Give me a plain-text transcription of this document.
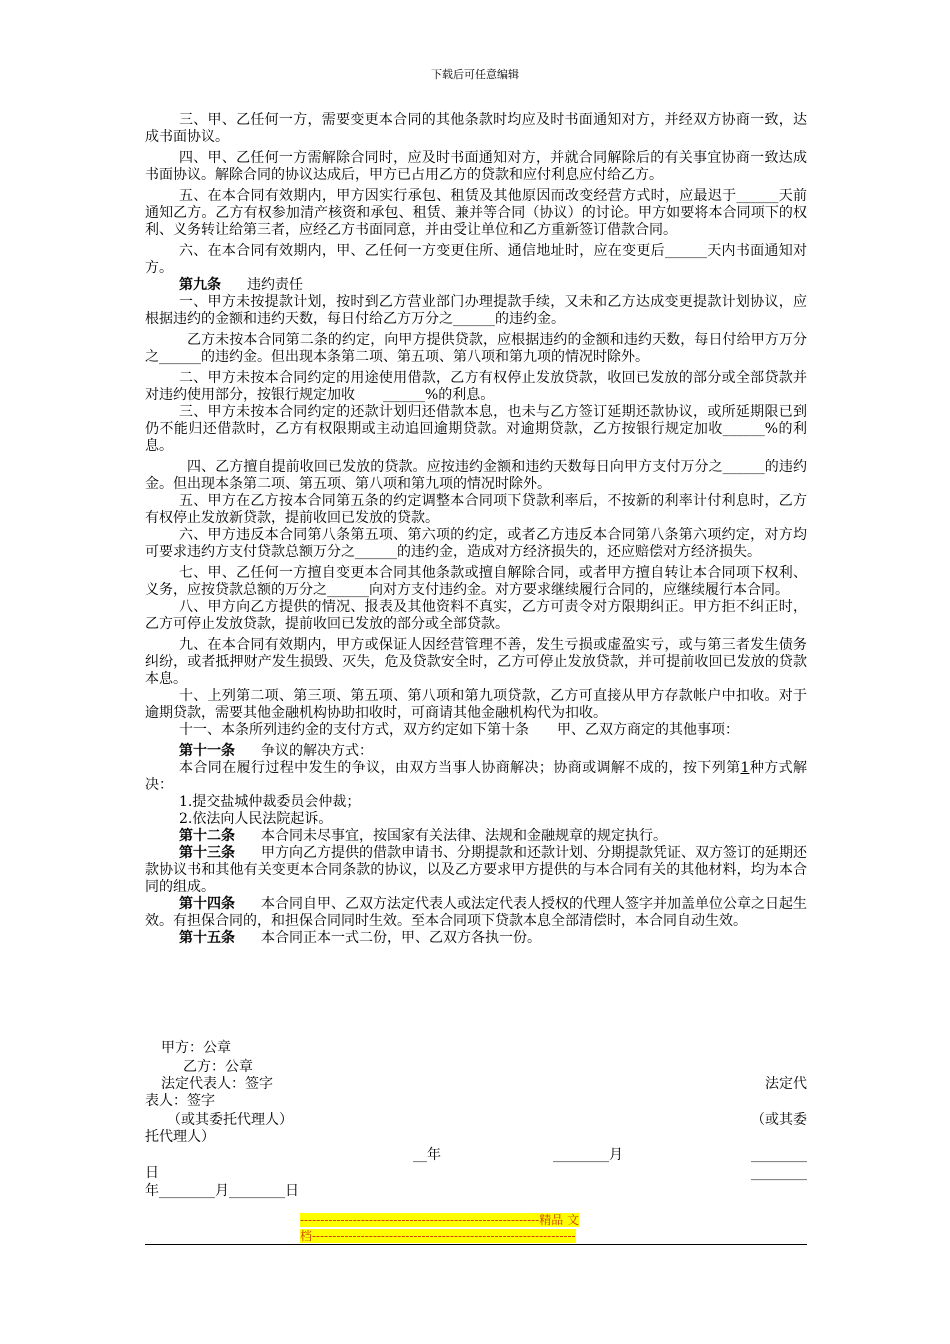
下载后可任意编辑

三、甲、乙任何一方，需要变更本合同的其他条款时均应及时书面通知对方，并经双方协商一致，达成书面协议。

四、甲、乙任何一方需解除合同时，应及时书面通知对方，并就合同解除后的有关事宜协商一致达成书面协议。解除合同的协议达成后，甲方已占用乙方的贷款和应付利息应付给乙方。

五、在本合同有效期内，甲方因实行承包、租赁及其他原因而改变经营方式时，应最迟于______天前通知乙方。乙方有权参加清产核资和承包、租赁、兼并等合同（协议）的讨论。甲方如要将本合同项下的权利、义务转让给第三者，应经乙方书面同意，并由受让单位和乙方重新签订借款合同。

六、在本合同有效期内，甲、乙任何一方变更住所、通信地址时，应在变更后______天内书面通知对方。

第九条 违约责任

一、甲方未按提款计划，按时到乙方营业部门办理提款手续，又未和乙方达成变更提款计划协议，应根据违约的金额和违约天数，每日付给乙方万分之______的违约金。

乙方未按本合同第二条的约定，向甲方提供贷款，应根据违约的金额和违约天数，每日付给甲方万分之______的违约金。但出现本条第二项、第五项、第八项和第九项的情况时除外。

二、甲方未按本合同约定的用途使用借款，乙方有权停止发放贷款，收回已发放的部分或全部贷款并对违约使用部分，按银行规定加收　　______%的利息。

三、甲方未按本合同约定的还款计划归还借款本息，也未与乙方签订延期还款协议，或所延期限已到仍不能归还借款时，乙方有权限期或主动追回逾期贷款。对逾期贷款，乙方按银行规定加收______%的利息。

四、乙方擅自提前收回已发放的贷款。应按违约金额和违约天数每日向甲方支付万分之______的违约金。但出现本条第二项、第五项、第八项和第九项的情况时除外。

五、甲方在乙方按本合同第五条的约定调整本合同项下贷款利率后，不按新的利率计付利息时，乙方有权停止发放新贷款，提前收回已发放的贷款。

六、甲方违反本合同第八条第五项、第六项的约定，或者乙方违反本合同第八条第六项约定，对方均可要求违约方支付贷款总额万分之______的违约金，造成对方经济损失的，还应赔偿对方经济损失。

七、甲、乙任何一方擅自变更本合同其他条款或擅自解除合同，或者甲方擅自转让本合同项下权利、义务，应按贷款总额的万分之______向对方支付违约金。对方要求继续履行合同的，应继续履行本合同。

八、甲方向乙方提供的情况、报表及其他资料不真实，乙方可责令对方限期纠正。甲方拒不纠正时，乙方可停止发放贷款，提前收回已发放的部分或全部贷款。

九、在本合同有效期内，甲方或保证人因经营管理不善，发生亏损或虚盈实亏，或与第三者发生债务纠纷，或者抵押财产发生损毁、灭失，危及贷款安全时，乙方可停止发放贷款，并可提前收回已发放的贷款本息。

十、上列第二项、第三项、第五项、第八项和第九项贷款，乙方可直接从甲方存款帐户中扣收。对于逾期贷款，需要其他金融机构协助扣收时，可商请其他金融机构代为扣收。

十一、本条所列违约金的支付方式，双方约定如下第十条　　甲、乙双方商定的其他事项：

第十一条 争议的解决方式：

本合同在履行过程中发生的争议，由双方当事人协商解决；协商或调解不成的，按下列第1种方式解决：

1.提交盐城仲裁委员会仲裁；

2.依法向人民法院起诉。

第十二条 本合同未尽事宜，按国家有关法律、法规和金融规章的规定执行。

第十三条 甲方向乙方提供的借款申请书、分期提款和还款计划、分期提款凭证、双方签订的延期还款协议书和其他有关变更本合同条款的协议，以及乙方要求甲方提供的与本合同有关的其他材料，均为本合同的组成。

第十四条 本合同自甲、乙双方法定代表人或法定代表人授权的代理人签字并加盖单位公章之日起生效。有担保合同的，和担保合同同时生效。至本合同项下贷款本息全部清偿时，本合同自动生效。

第十五条 本合同正本一式二份，甲、乙双方各执一份。

甲方：公章
乙方：公章
法定代表人：签字	法定代
表人：签字
（或其委托代理人）	（或其委
托代理人）
__年	________月	________
日	________
年________月________日
-----------------------------------------------------------精品 文
档-----------------------------------------------------------------
